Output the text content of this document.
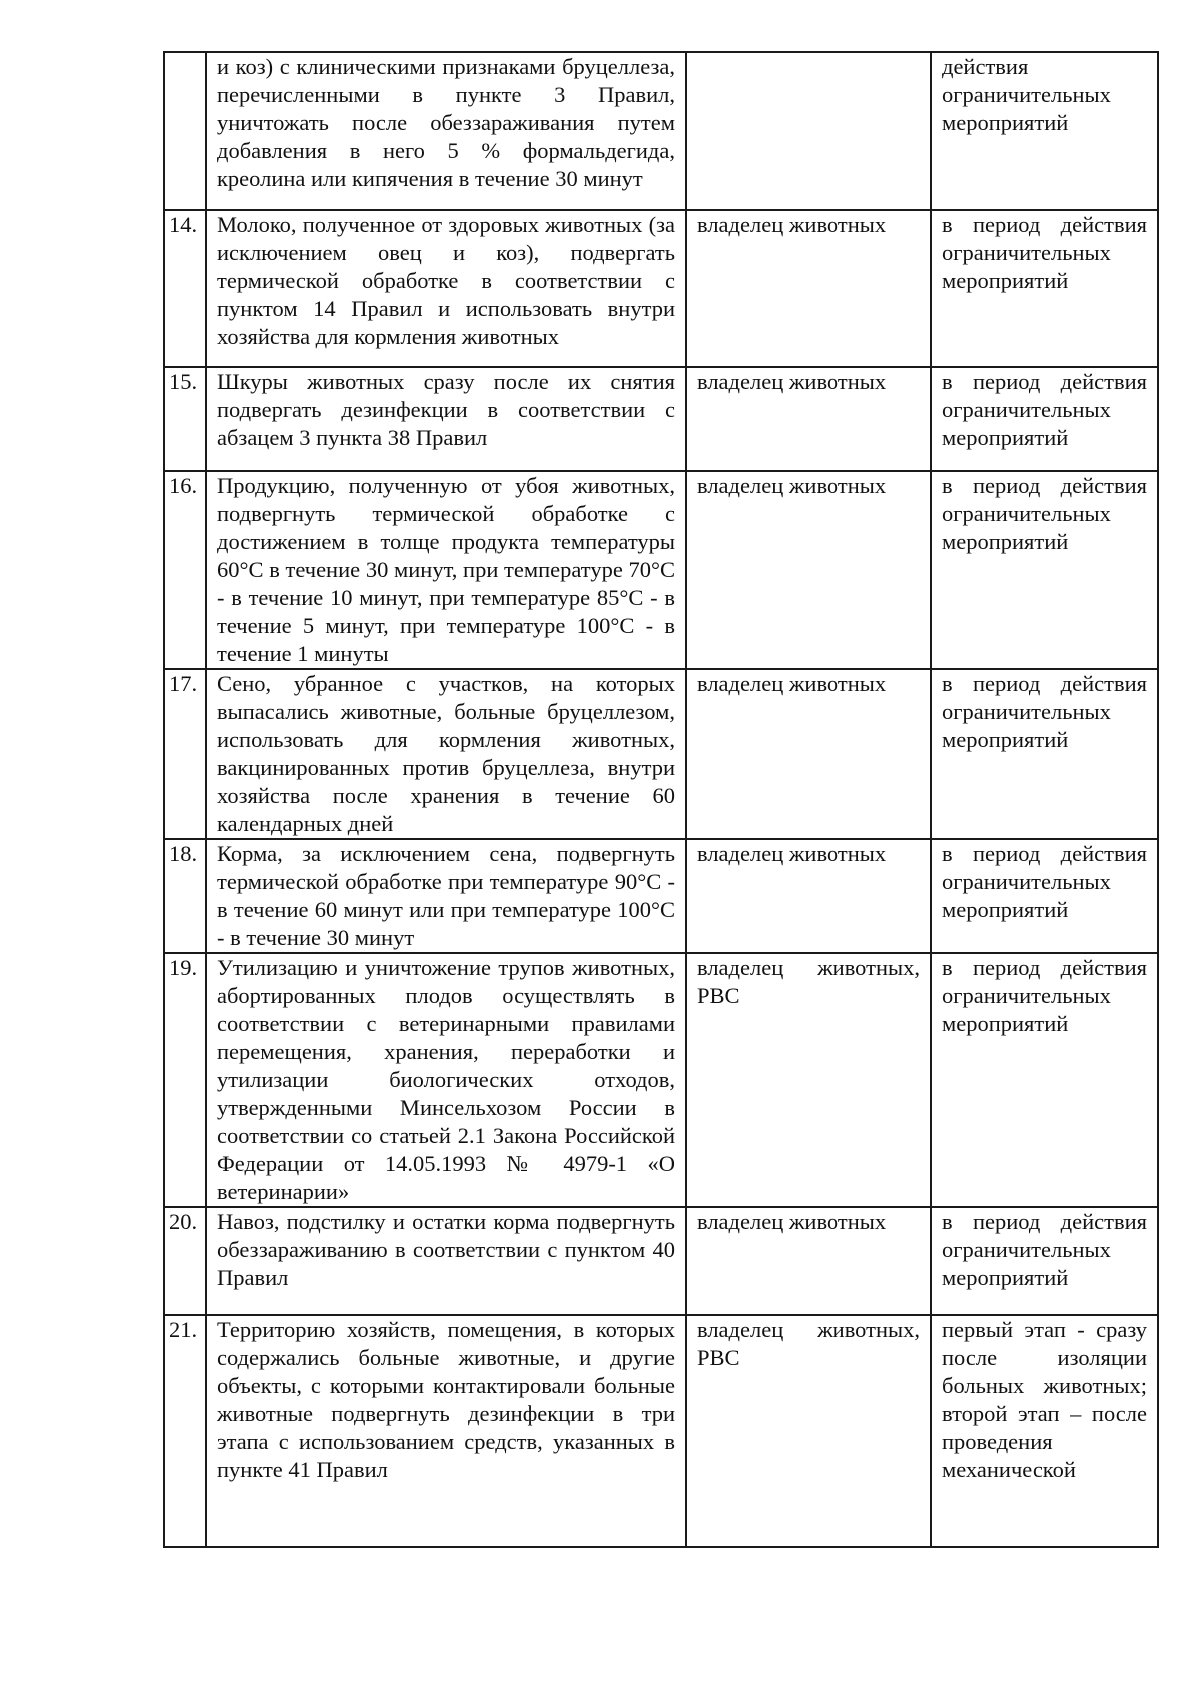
	и коз) с клиническими признаками бруцеллеза, перечисленными в пункте 3 Правил, уничтожать после обеззараживания путем добавления в него 5 % формальдегида, креолина или кипячения в течение 30 минут		действия ограничительных мероприятий
14.	Молоко, полученное от здоровых животных (за исключением овец и коз), подвергать термической обработке в соответствии с пунктом 14 Правил и использовать внутри хозяйства для кормления животных	владелец животных	в период действия ограничительных мероприятий
15.	Шкуры животных сразу после их снятия подвергать дезинфекции в соответствии с абзацем 3 пункта 38 Правил	владелец животных	в период действия ограничительных мероприятий
16.	Продукцию, полученную от убоя животных, подвергнуть термической обработке с достижением в толще продукта температуры 60°С в течение 30 минут, при температуре 70°С - в течение 10 минут, при температуре 85°С - в течение 5 минут, при температуре 100°С - в течение 1 минуты	владелец животных	в период действия ограничительных мероприятий
17.	Сено, убранное с участков, на которых выпасались животные, больные бруцеллезом, использовать для кормления животных, вакцинированных против бруцеллеза, внутри хозяйства после хранения в течение 60 календарных дней	владелец животных	в период действия ограничительных мероприятий
18.	Корма, за исключением сена, подвергнуть термической обработке при температуре 90°С - в течение 60 минут или при температуре 100°С - в течение 30 минут	владелец животных	в период действия ограничительных мероприятий
19.	Утилизацию и уничтожение трупов животных, абортированных плодов осуществлять в соответствии с ветеринарными правилами перемещения, хранения, переработки и утилизации биологических отходов, утвержденными Минсельхозом России в соответствии со статьей 2.1 Закона Российской Федерации от 14.05.1993 № 4979-1 «О ветеринарии»	владелец животных, РВС	в период действия ограничительных мероприятий
20.	Навоз, подстилку и остатки корма подвергнуть обеззараживанию в соответствии с пунктом 40 Правил	владелец животных	в период действия ограничительных мероприятий
21.	Территорию хозяйств, помещения, в которых содержались больные животные, и другие объекты, с которыми контактировали больные животные подвергнуть дезинфекции в три этапа с использованием средств, указанных в пункте 41 Правил	владелец животных, РВС	первый этап - сразу после изоляции больных животных; второй этап – после проведения механической
